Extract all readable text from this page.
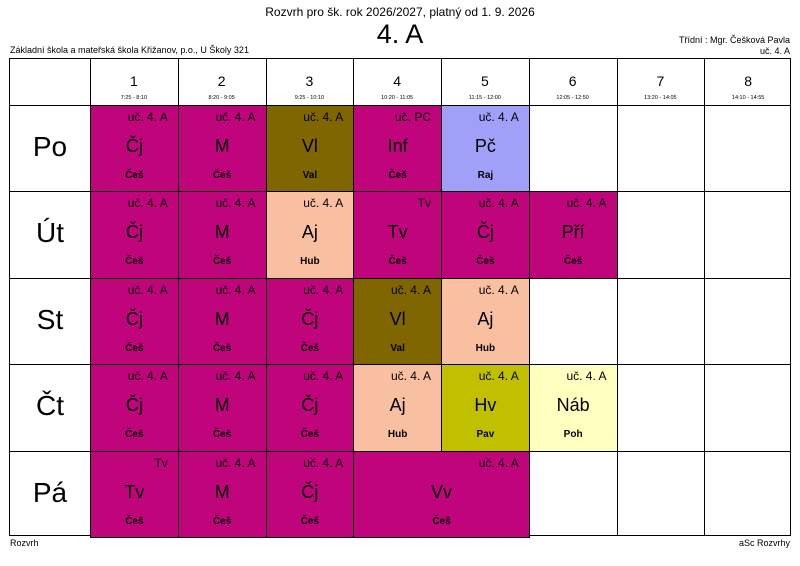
Rozvrh pro šk. rok 2026/2027, platný od 1. 9. 2026
4. A
Základní škola a mateřská škola Křižanov, p.o., U Školy 321
Třídní : Mgr. Češková Pavla
uč. 4. A
1
7:25 - 8:10
2
8:20 - 9:05
3
9:25 - 10:10
4
10:20 - 11:05
5
11:15 - 12:00
6
12:05 - 12:50
7
13:20 - 14:05
8
14:10 - 14:55
Po
uč. 4. A
Čj
Češ
uč. 4. A
M
Češ
uč. 4. A
Vl
Val
uč. PC
Inf
Češ
uč. 4. A
Pč
Raj
Út
uč. 4. A
Čj
Češ
uč. 4. A
M
Češ
uč. 4. A
Aj
Hub
Tv
Tv
Češ
uč. 4. A
Čj
Češ
uč. 4. A
Pří
Češ
St
uč. 4. A
Čj
Češ
uč. 4. A
M
Češ
uč. 4. A
Čj
Češ
uč. 4. A
Vl
Val
uč. 4. A
Aj
Hub
Čt
uč. 4. A
Čj
Češ
uč. 4. A
M
Češ
uč. 4. A
Čj
Češ
uč. 4. A
Aj
Hub
uč. 4. A
Hv
Pav
uč. 4. A
Náb
Poh
Pá
Tv
Tv
Češ
uč. 4. A
M
Češ
uč. 4. A
Čj
Češ
uč. 4. A
Vv
Češ
Rozvrh	aSc Rozvrhy
